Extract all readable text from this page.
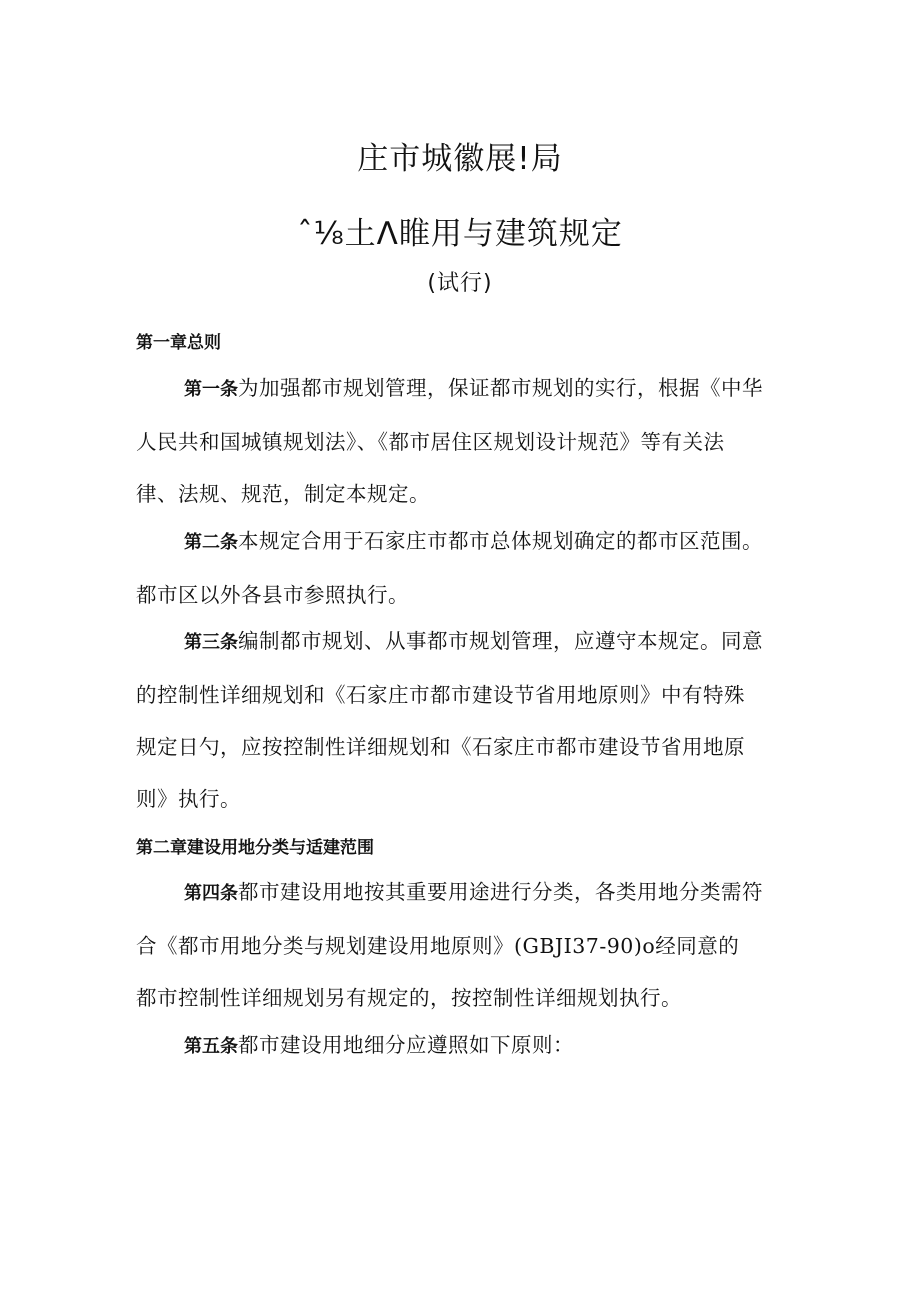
庄市城徽展!局
ˆ⅛土Λ睢用与建筑规定
(试行)
第一章总则
第一条为加强都市规划管理，保证都市规划的实行，根据《中华
人民共和国城镇规划法》、《都市居住区规划设计规范》等有关法
律、法规、规范，制定本规定。
第二条本规定合用于石家庄市都市总体规划确定的都市区范围。
都市区以外各县市参照执行。
第三条编制都市规划、从事都市规划管理，应遵守本规定。同意
的控制性详细规划和《石家庄市都市建设节省用地原则》中有特殊
规定日勺，应按控制性详细规划和《石家庄市都市建设节省用地原
则》执行。
第二章建设用地分类与适建范围
第四条都市建设用地按其重要用途进行分类，各类用地分类需符
合《都市用地分类与规划建设用地原则》(GBJI37-90)o经同意的
都市控制性详细规划另有规定的，按控制性详细规划执行。
第五条都市建设用地细分应遵照如下原则：
